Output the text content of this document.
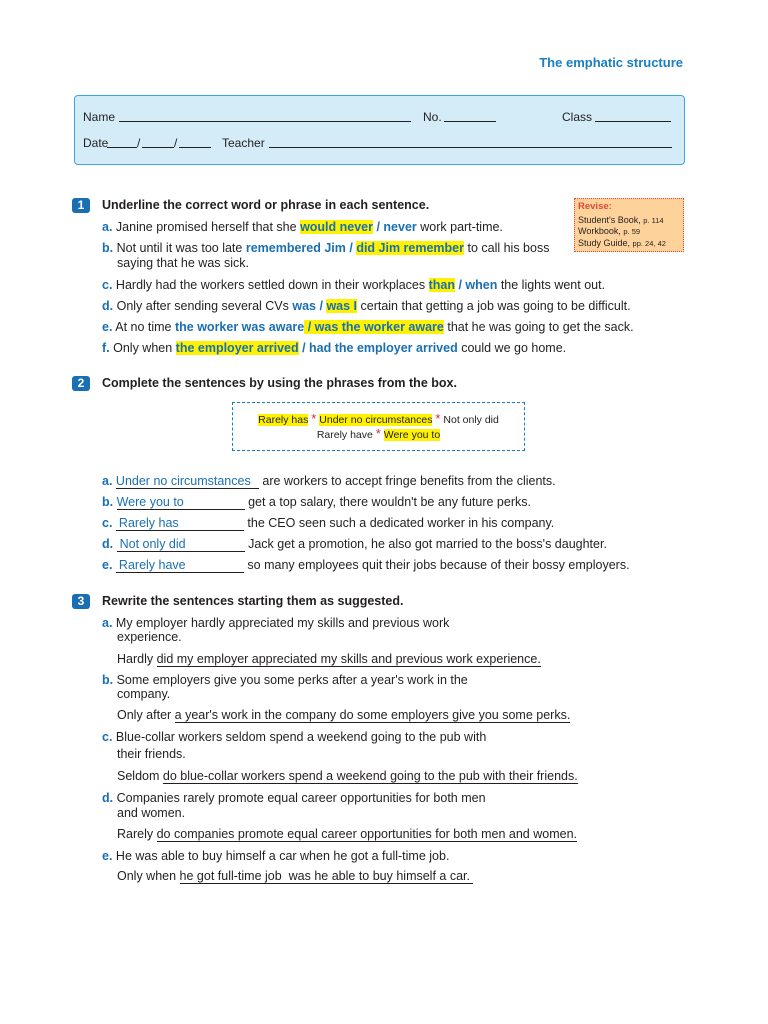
The emphatic structure
Name	No.	Class
Date /	/	Teacher
1	Underline the correct word or phrase in each sentence.	Revise:
Student's Book, p. 114
Workbook, p. 59
Study Guide, pp. 24, 42
a. Janine promised herself that she would never / never work part-time.
b. Not until it was too late remembered Jim / did Jim remember to call his boss
saying that he was sick.
c. Hardly had the workers settled down in their workplaces than / when the lights went out.
d. Only after sending several CVs was / was I certain that getting a job was going to be difficult.
e. At no time the worker was aware / was the worker aware that he was going to get the sack.
f. Only when the employer arrived / had the employer arrived could we go home.
2	Complete the sentences by using the phrases from the box.
Rarely has * Under no circumstances * Not only did
Rarely have * Were you to
a. Under no circumstances are workers to accept fringe benefits from the clients.
b. Were you to	get a top salary, there wouldn't be any future perks.
c. Rarely has	the CEO seen such a dedicated worker in his company.
d. Not only did	Jack get a promotion, he also got married to the boss's daughter.
e. Rarely have	so many employees quit their jobs because of their bossy employers.
3	Rewrite the sentences starting them as suggested.
a. My employer hardly appreciated my skills and previous work
experience.
Hardly did my employer appreciated my skills and previous work experience.
b. Some employers give you some perks after a year's work in the
company.
Only after a year's work in the company do some employers give you some perks.
c. Blue-collar workers seldom spend a weekend going to the pub with
their friends.
Seldom do blue-collar workers spend a weekend going to the pub with their friends.
d. Companies rarely promote equal career opportunities for both men
and women.
Rarely do companies promote equal career opportunities for both men and women.
e. He was able to buy himself a car when he got a full-time job.
Only when he got full-time job  was he able to buy himself a car.
